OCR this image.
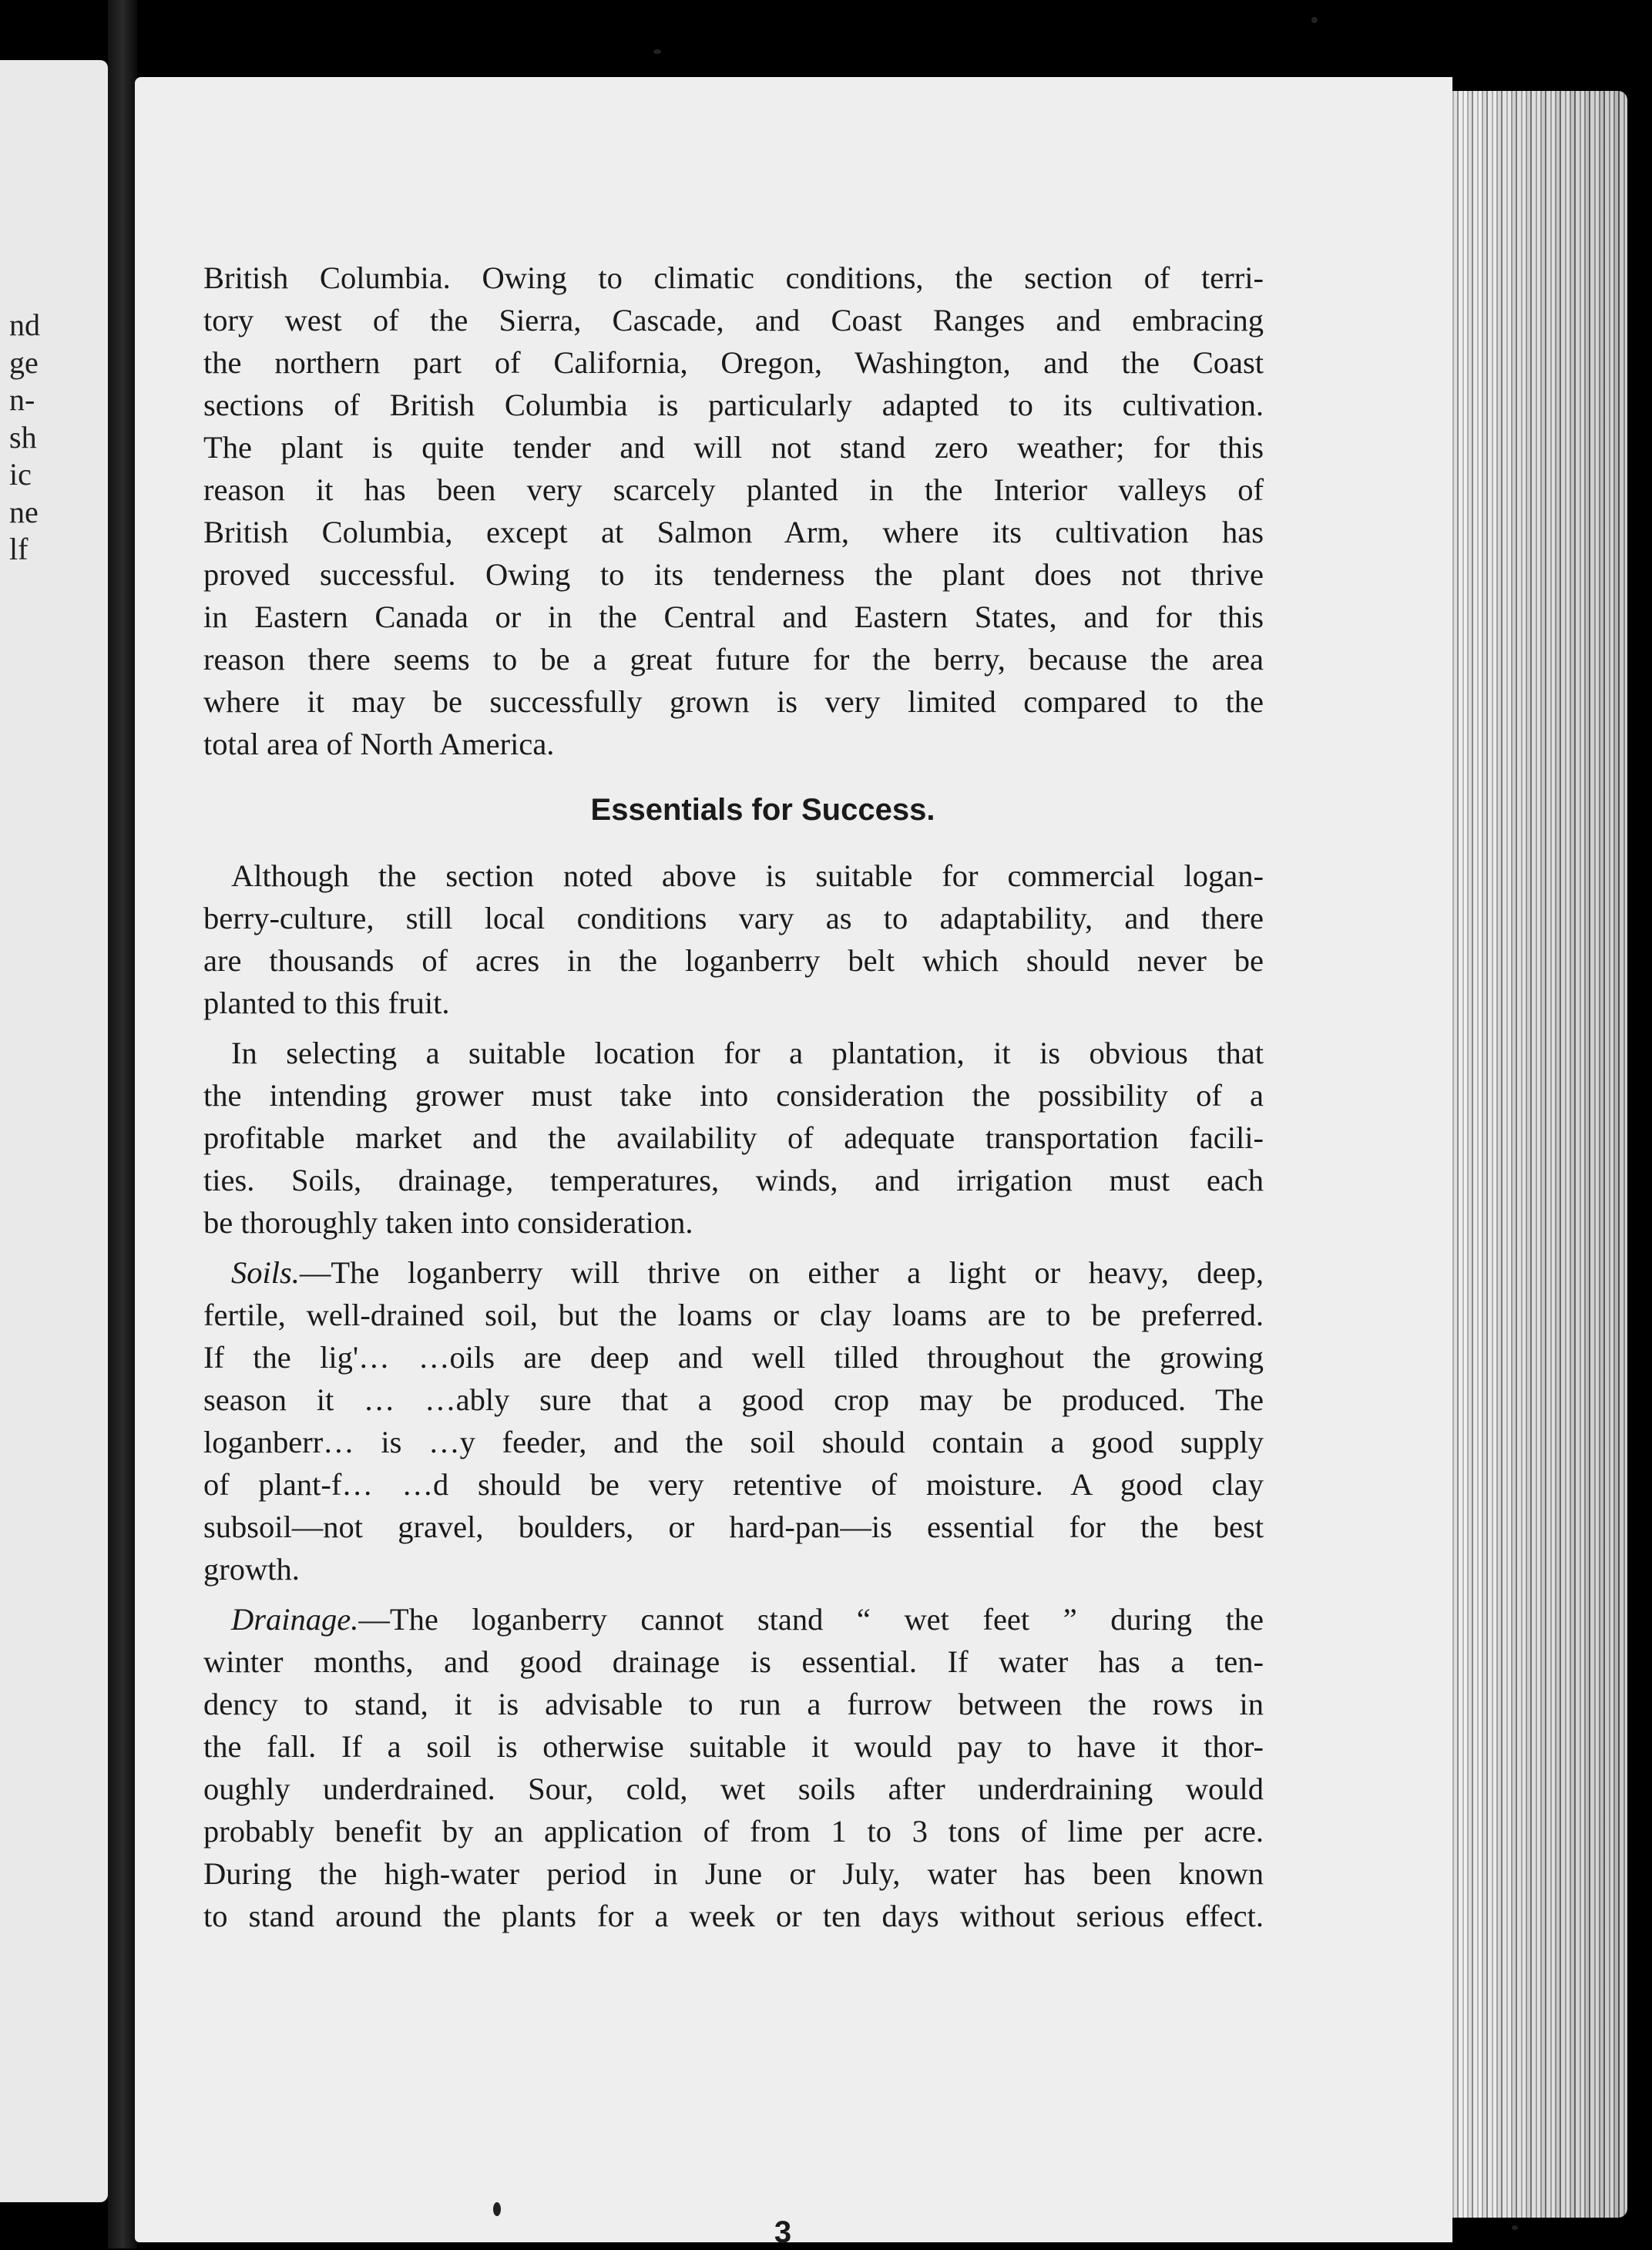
nd
ge
n-
sh
ic
ne
lf
British Columbia. Owing to climatic conditions, the section of terri-
tory west of the Sierra, Cascade, and Coast Ranges and embracing
the northern part of California, Oregon, Washington, and the Coast
sections of British Columbia is particularly adapted to its cultivation.
The plant is quite tender and will not stand zero weather; for this
reason it has been very scarcely planted in the Interior valleys of
British Columbia, except at Salmon Arm, where its cultivation has
proved successful. Owing to its tenderness the plant does not thrive
in Eastern Canada or in the Central and Eastern States, and for this
reason there seems to be a great future for the berry, because the area
where it may be successfully grown is very limited compared to the
total area of North America.
Essentials for Success.
Although the section noted above is suitable for commercial logan-
berry-culture, still local conditions vary as to adaptability, and there
are thousands of acres in the loganberry belt which should never be
planted to this fruit.
In selecting a suitable location for a plantation, it is obvious that
the intending grower must take into consideration the possibility of a
profitable market and the availability of adequate transportation facili-
ties. Soils, drainage, temperatures, winds, and irrigation must each
be thoroughly taken into consideration.
Soils.—The loganberry will thrive on either a light or heavy, deep,
fertile, well-drained soil, but the loams or clay loams are to be preferred.
If the lig'… …oils are deep and well tilled throughout the growing
season it … …ably sure that a good crop may be produced. The
loganberr… is …y feeder, and the soil should contain a good supply
of plant-f… …d should be very retentive of moisture. A good clay
subsoil—not gravel, boulders, or hard-pan—is essential for the best
growth.
Drainage.—The loganberry cannot stand “ wet feet ” during the
winter months, and good drainage is essential. If water has a ten-
dency to stand, it is advisable to run a furrow between the rows in
the fall. If a soil is otherwise suitable it would pay to have it thor-
oughly underdrained. Sour, cold, wet soils after underdraining would
probably benefit by an application of from 1 to 3 tons of lime per acre.
During the high-water period in June or July, water has been known
to stand around the plants for a week or ten days without serious effect.
3
